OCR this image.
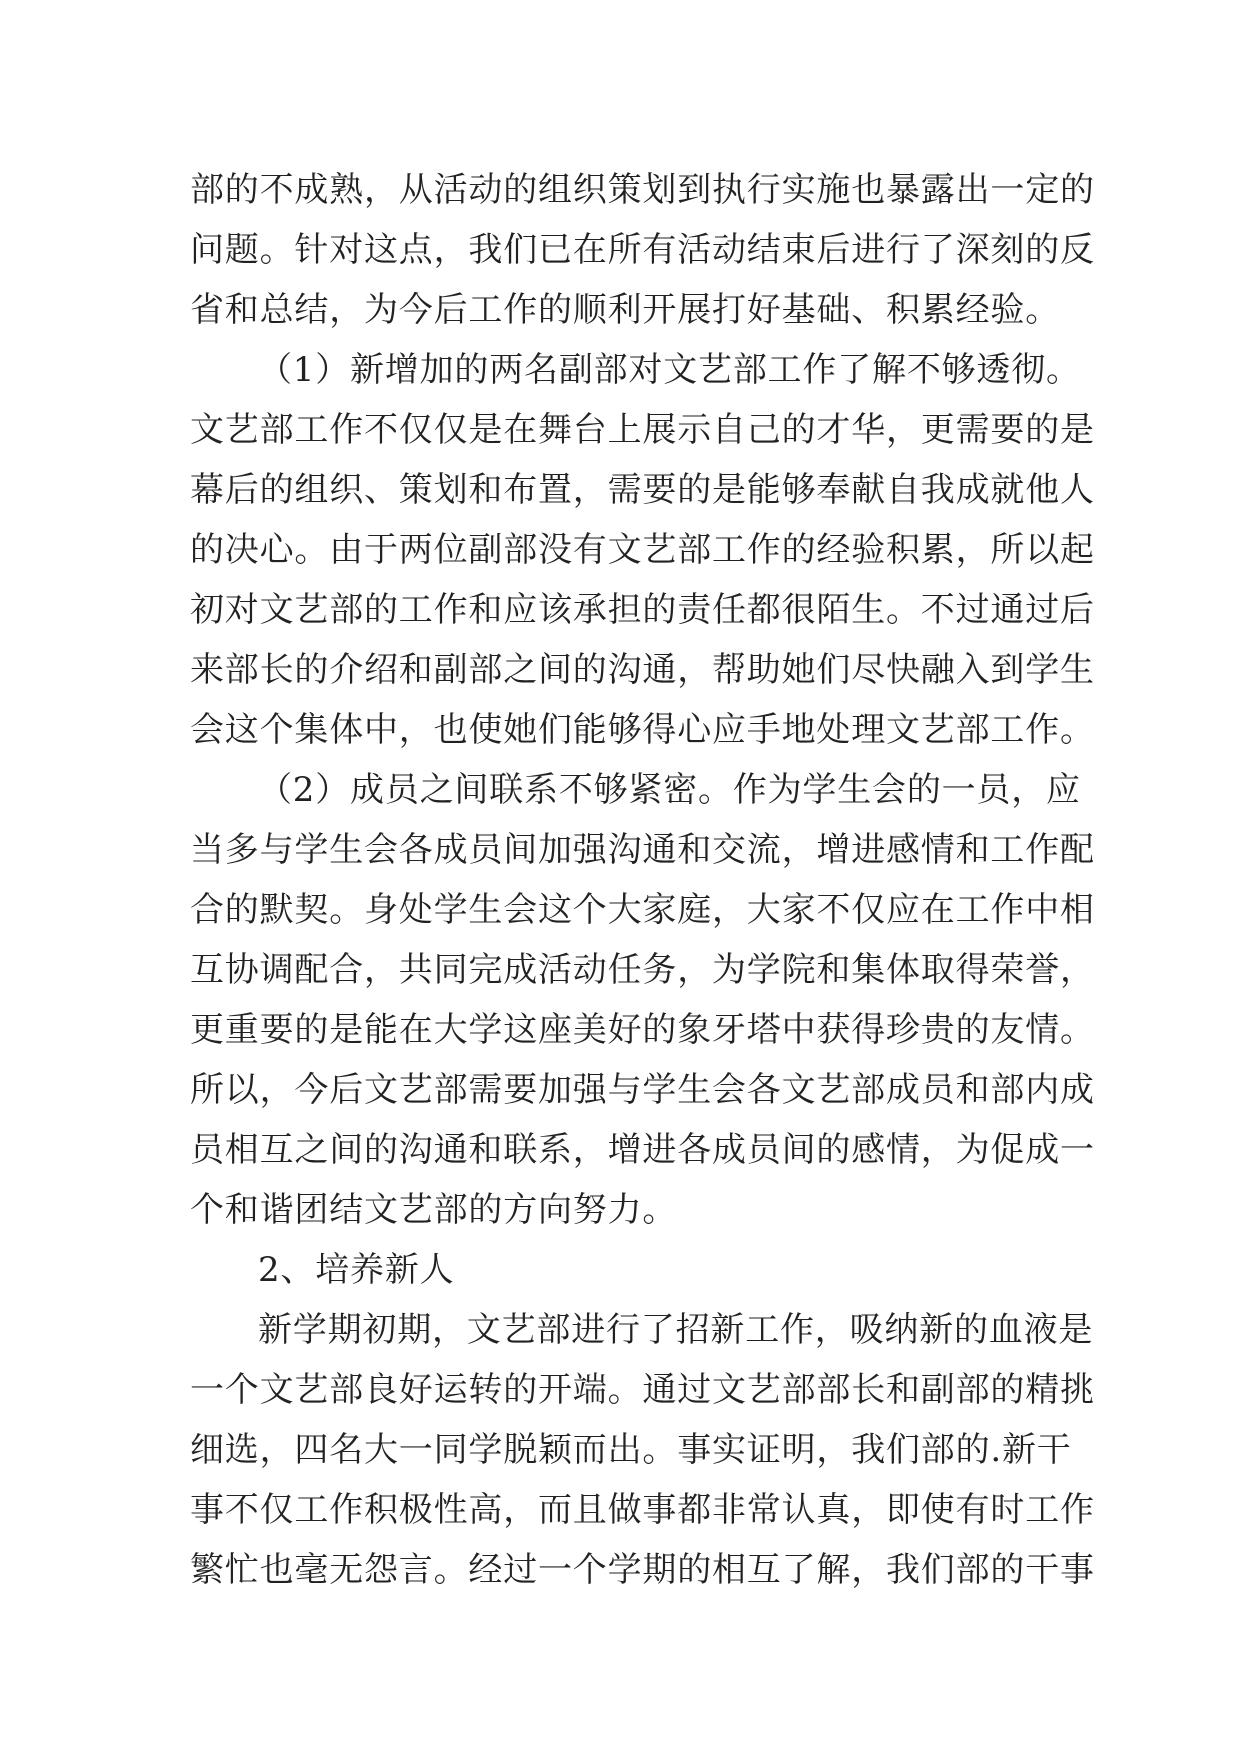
部的不成熟，从活动的组织策划到执行实施也暴露出一定的
问题。针对这点，我们已在所有活动结束后进行了深刻的反
省和总结，为今后工作的顺利开展打好基础、积累经验。
（1）新增加的两名副部对文艺部工作了解不够透彻。
文艺部工作不仅仅是在舞台上展示自己的才华，更需要的是
幕后的组织、策划和布置，需要的是能够奉献自我成就他人
的决心。由于两位副部没有文艺部工作的经验积累，所以起
初对文艺部的工作和应该承担的责任都很陌生。不过通过后
来部长的介绍和副部之间的沟通，帮助她们尽快融入到学生
会这个集体中，也使她们能够得心应手地处理文艺部工作。
（2）成员之间联系不够紧密。作为学生会的一员，应
当多与学生会各成员间加强沟通和交流，增进感情和工作配
合的默契。身处学生会这个大家庭，大家不仅应在工作中相
互协调配合，共同完成活动任务，为学院和集体取得荣誉，
更重要的是能在大学这座美好的象牙塔中获得珍贵的友情。
所以，今后文艺部需要加强与学生会各文艺部成员和部内成
员相互之间的沟通和联系，增进各成员间的感情，为促成一
个和谐团结文艺部的方向努力。
2、培养新人
新学期初期，文艺部进行了招新工作，吸纳新的血液是
一个文艺部良好运转的开端。通过文艺部部长和副部的精挑
细选，四名大一同学脱颖而出。事实证明，我们部的.新干
事不仅工作积极性高，而且做事都非常认真，即使有时工作
繁忙也毫无怨言。经过一个学期的相互了解，我们部的干事
